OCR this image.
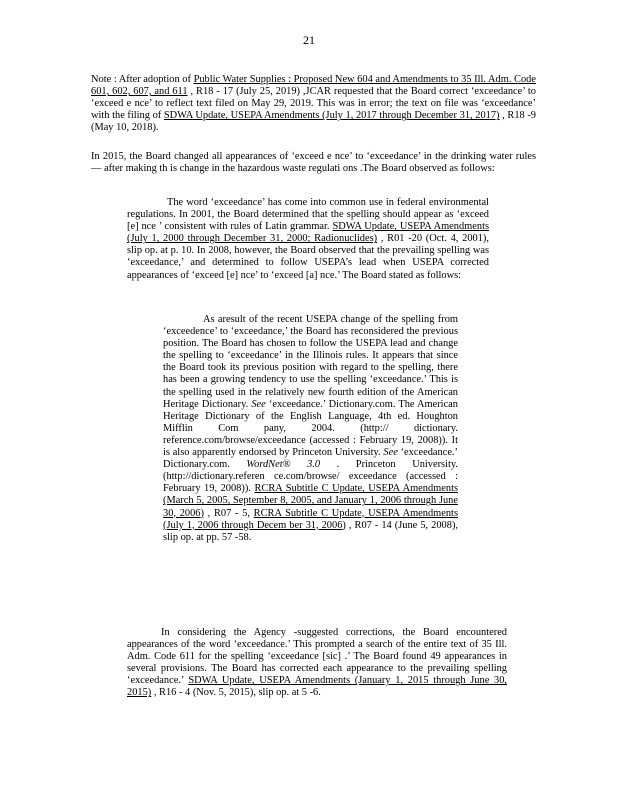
21

Note : After adoption of Public Water Supplies : Proposed New 604 and Amendments to 35 Ill. Adm. Code 601, 602, 607, and 611 , R18 - 17 (July 25, 2019) ,JCAR requested that the Board correct ‘exceedance’ to ‘exceed e nce’ to reflect text filed on May 29, 2019. This was in error; the text on file was ‘exceedance’ with the filing of SDWA Update, USEPA Amendments (July 1, 2017 through December 31, 2017) , R18 -9 (May 10, 2018).

In 2015, the Board changed all appearances of ‘exceed e nce’ to ‘exceedance’ in the drinking water rules — after making th is change in the hazardous waste regulati ons .The Board observed as follows:

The word ‘exceedance’ has come into common use in federal environmental regulations. In 2001, the Board determined that the spelling should appear as ‘exceed [e] nce ’ consistent with rules of Latin grammar. SDWA Update, USEPA Amendments (July 1, 2000 through December 31, 2000; Radionuclides) , R01 -20 (Oct. 4, 2001), slip op. at p. 10. In 2008, however, the Board observed that the prevailing spelling was ‘exceedance,’ and determined to follow USEPA’s lead when USEPA corrected appearances of ‘exceed [e] nce’ to ‘exceed [a] nce.’ The Board stated as follows:

As aresult of the recent USEPA change of the spelling from ‘exceedence’ to ‘exceedance,’ the Board has reconsidered the previous position. The Board has chosen to follow the USEPA lead and change the spelling to ‘exceedance’ in the Illinois rules. It appears that since the Board took its previous position with regard to the spelling, there has been a growing tendency to use the spelling ‘exceedance.’ This is the spelling used in the relatively new fourth edition of the American Heritage Dictionary. See ‘exceedance.’ Dictionary.com. The American Heritage Dictionary of the English Language, 4th ed. Houghton Mifflin Com pany, 2004. (http:// dictionary. reference.com/browse/exceedance (accessed : February 19, 2008)). It is also apparently endorsed by Princeton University. See ‘exceedance.’ Dictionary.com. WordNet® 3.0 . Princeton University. (http://dictionary.referen ce.com/browse/ exceedance (accessed : February 19, 2008)). RCRA Subtitle C Update, USEPA Amendments (March 5, 2005, September 8, 2005, and January 1, 2006 through June 30, 2006) , R07 - 5, RCRA Subtitle C Update, USEPA Amendments (July 1, 2006 through Decem ber 31, 2006) , R07 - 14 (June 5, 2008), slip op. at pp. 57 -58.

In considering the Agency -suggested corrections, the Board encountered appearances of the word ‘exceedance.’ This prompted a search of the entire text of 35 Ill. Adm. Code 611 for the spelling ‘exceedance [sic] .’ The Board found 49 appearances in several provisions. The Board has corrected each appearance to the prevailing spelling ‘exceedance.’ SDWA Update, USEPA Amendments (January 1, 2015 through June 30, 2015) , R16 - 4 (Nov. 5, 2015), slip op. at 5 -6.
